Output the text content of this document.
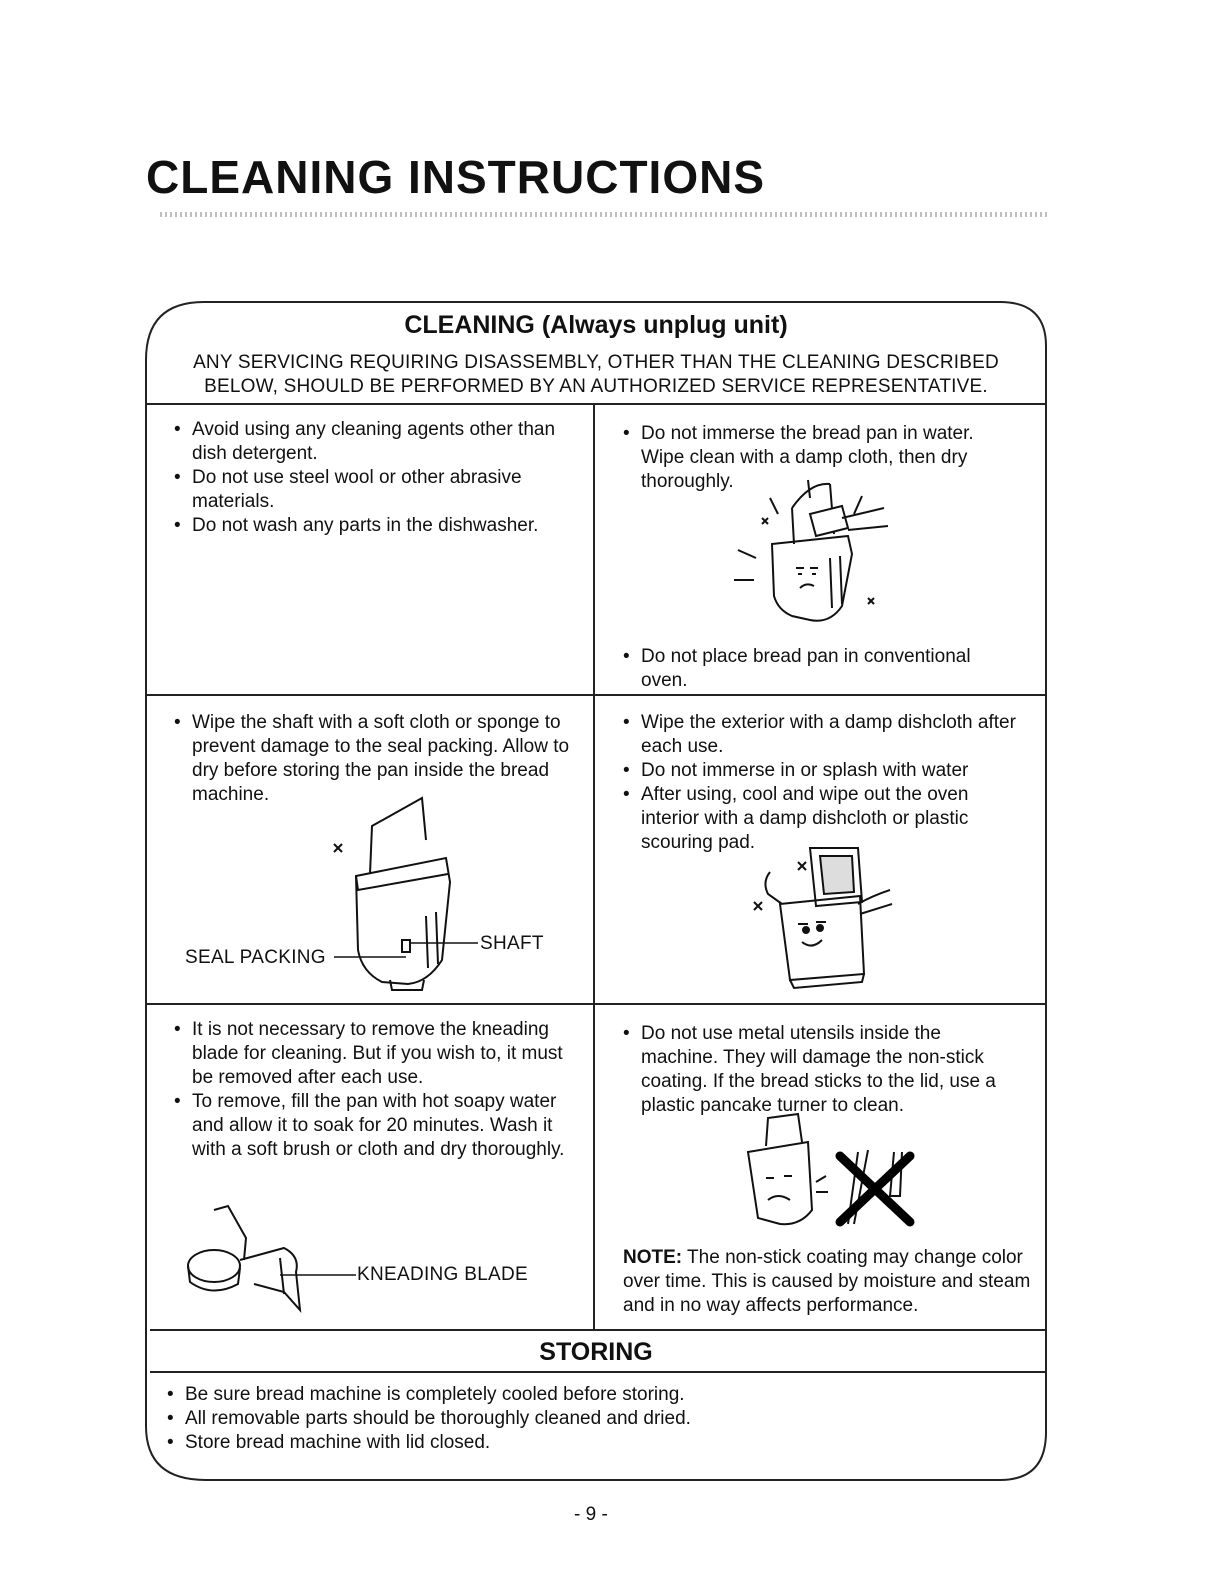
CLEANING INSTRUCTIONS
CLEANING (Always unplug unit)
ANY SERVICING REQUIRING DISASSEMBLY, OTHER THAN THE CLEANING DESCRIBED
BELOW, SHOULD BE PERFORMED BY AN AUTHORIZED SERVICE REPRESENTATIVE.
• Avoid using any cleaning agents other than dish detergent.
• Do not use steel wool or other abrasive materials.
• Do not wash any parts in the dishwasher.
• Do not immerse the bread pan in water. Wipe clean with a damp cloth, then dry thoroughly.
• Do not place bread pan in conventional oven.
• Wipe the shaft with a soft cloth or sponge to prevent damage to the seal packing. Allow to dry before storing the pan inside the bread machine.
SEAL PACKING
SHAFT
• Wipe the exterior with a damp dishcloth after each use.
• Do not immerse in or splash with water
• After using, cool and wipe out the oven interior with a damp dishcloth or plastic scouring pad.
• It is not necessary to remove the kneading blade for cleaning. But if you wish to, it must be removed after each use.
• To remove, fill the pan with hot soapy water and allow it to soak for 20 minutes. Wash it with a soft brush or cloth and dry thoroughly.
KNEADING BLADE
• Do not use metal utensils inside the machine. They will damage the non-stick coating. If the bread sticks to the lid, use a plastic pancake turner to clean.
NOTE: The non-stick coating may change color over time. This is caused by moisture and steam and in no way affects performance.
STORING
• Be sure bread machine is completely cooled before storing.
• All removable parts should be thoroughly cleaned and dried.
• Store bread machine with lid closed.
- 9 -
